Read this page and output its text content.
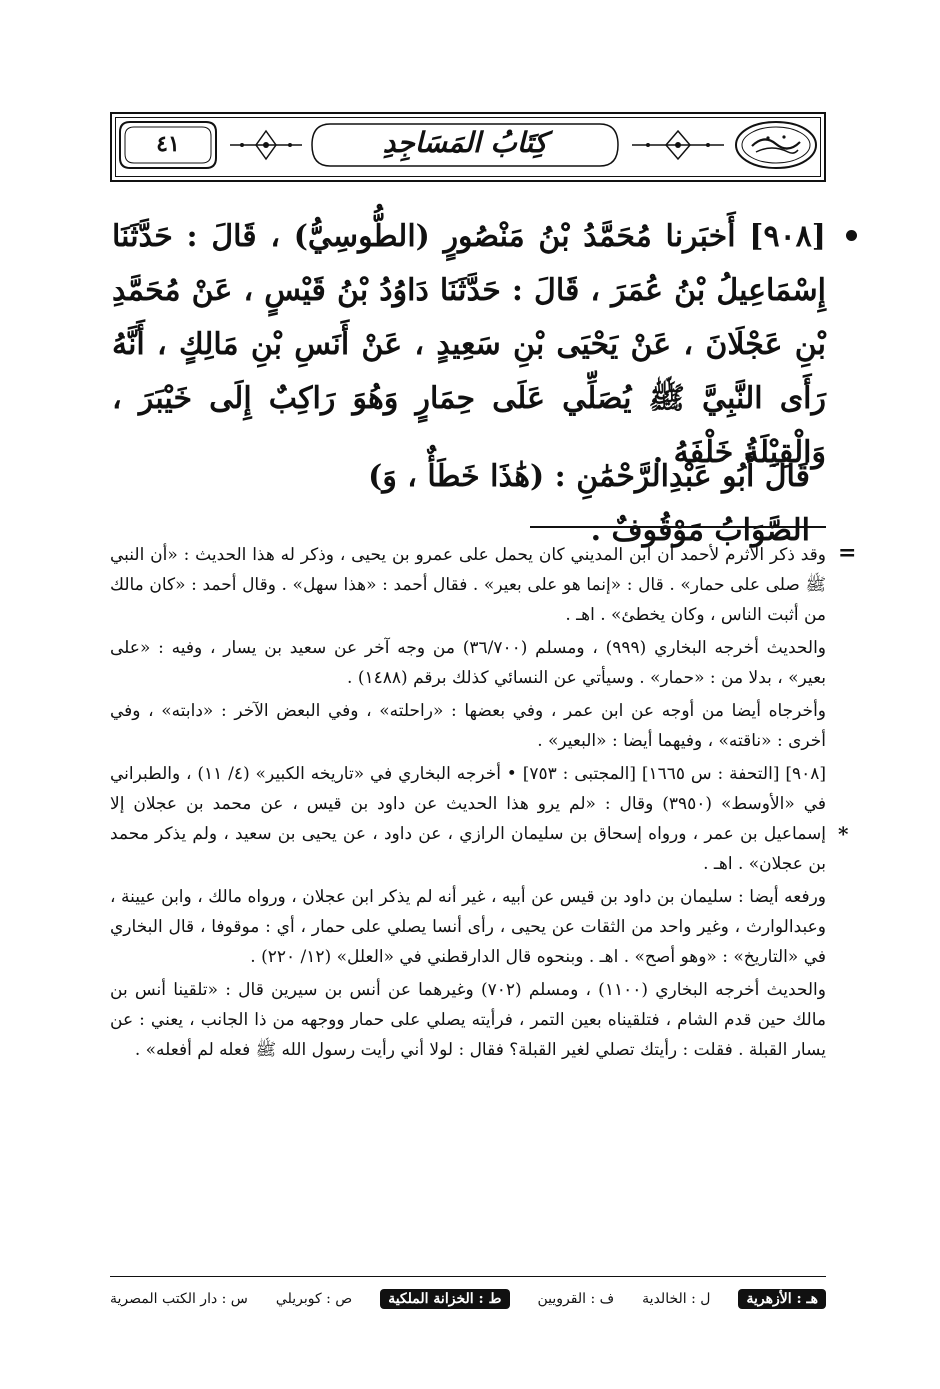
٤١	كِتَابُ المَسَاجِدِ

[٩٠٨] أَخبَرنا مُحَمَّدُ بْنُ مَنْصُورٍ (الطُّوسِيُّ) ، قَالَ : حَدَّثَنَا إِسْمَاعِيلُ بْنُ عُمَرَ ، قَالَ : حَدَّثَنَا دَاوُدُ بْنُ قَيْسٍ ، عَنْ مُحَمَّدِ بْنِ عَجْلَانَ ، عَنْ يَحْيَى بْنِ سَعِيدٍ ، عَنْ أَنَسِ بْنِ مَالِكٍ ، أَنَّهُ رَأَى النَّبِيَّ ﷺ يُصَلِّي عَلَى حِمَارٍ وَهُوَ رَاكِبٌ إِلَى خَيْبَرَ ، وَالْقِبْلَةُ خَلْفَهُ .

قَالَ أَبُو عَبْدِالرَّحْمَٰنِ : (هَٰذَا خَطَأٌ ، وَ) الصَّوَابُ مَوْقُوفٌ .
=
*

وقد ذكر الأثرم لأحمد أن ابن المديني كان يحمل على عمرو بن يحيى ، وذكر له هذا الحديث : «أن النبي ﷺ صلى على حمار» . قال : «إنما هو على بعير» . فقال أحمد : «هذا سهل» . وقال أحمد : «كان مالك من أثبت الناس ، وكان يخطئ» . اهـ .

والحديث أخرجه البخاري (٩٩٩) ، ومسلم (٣٦/٧٠٠) من وجه آخر عن سعيد بن يسار ، وفيه : «على بعير» ، بدلا من : «حمار» . وسيأتي عن النسائي كذلك برقم (١٤٨٨) .

وأخرجاه أيضا من أوجه عن ابن عمر ، وفي بعضها : «راحلته» ، وفي البعض الآخر : «دابته» ، وفي أخرى : «ناقته» ، وفيهما أيضا : «البعير» .

[٩٠٨] [التحفة : س ١٦٦٥] [المجتبى : ٧٥٣] • أخرجه البخاري في «تاريخه الكبير» (٤/ ١١) ، والطبراني في «الأوسط» (٣٩٥٠) وقال : «لم يرو هذا الحديث عن داود بن قيس ، عن محمد بن عجلان إلا إسماعيل بن عمر ، ورواه إسحاق بن سليمان الرازي ، عن داود ، عن يحيى بن سعيد ، ولم يذكر محمد بن عجلان» . اهـ .

ورفعه أيضا : سليمان بن داود بن قيس عن أبيه ، غير أنه لم يذكر ابن عجلان ، ورواه مالك ، وابن عيينة ، وعبدالوارث ، وغير واحد من الثقات عن يحيى ، رأى أنسا يصلي على حمار ، أي : موقوفا ، قال البخاري في «التاريخ» : «وهو أصح» . اهـ . وبنحوه قال الدارقطني في «العلل» (١٢/ ٢٢٠) .

والحديث أخرجه البخاري (١١٠٠) ، ومسلم (٧٠٢) وغيرهما عن أنس بن سيرين قال : «تلقينا أنس بن مالك حين قدم الشام ، فتلقيناه بعين التمر ، فرأيته يصلي على حمار ووجهه من ذا الجانب ، يعني : عن يسار القبلة . فقلت : رأيتك تصلي لغير القبلة؟ فقال : لولا أني رأيت رسول الله ﷺ فعله لم أفعله» .

س : دار الكتب المصرية ص : كوبريلي	ط : الخزانة الملكية	ف : القرويين ل : الخالدية	هـ : الأزهرية
